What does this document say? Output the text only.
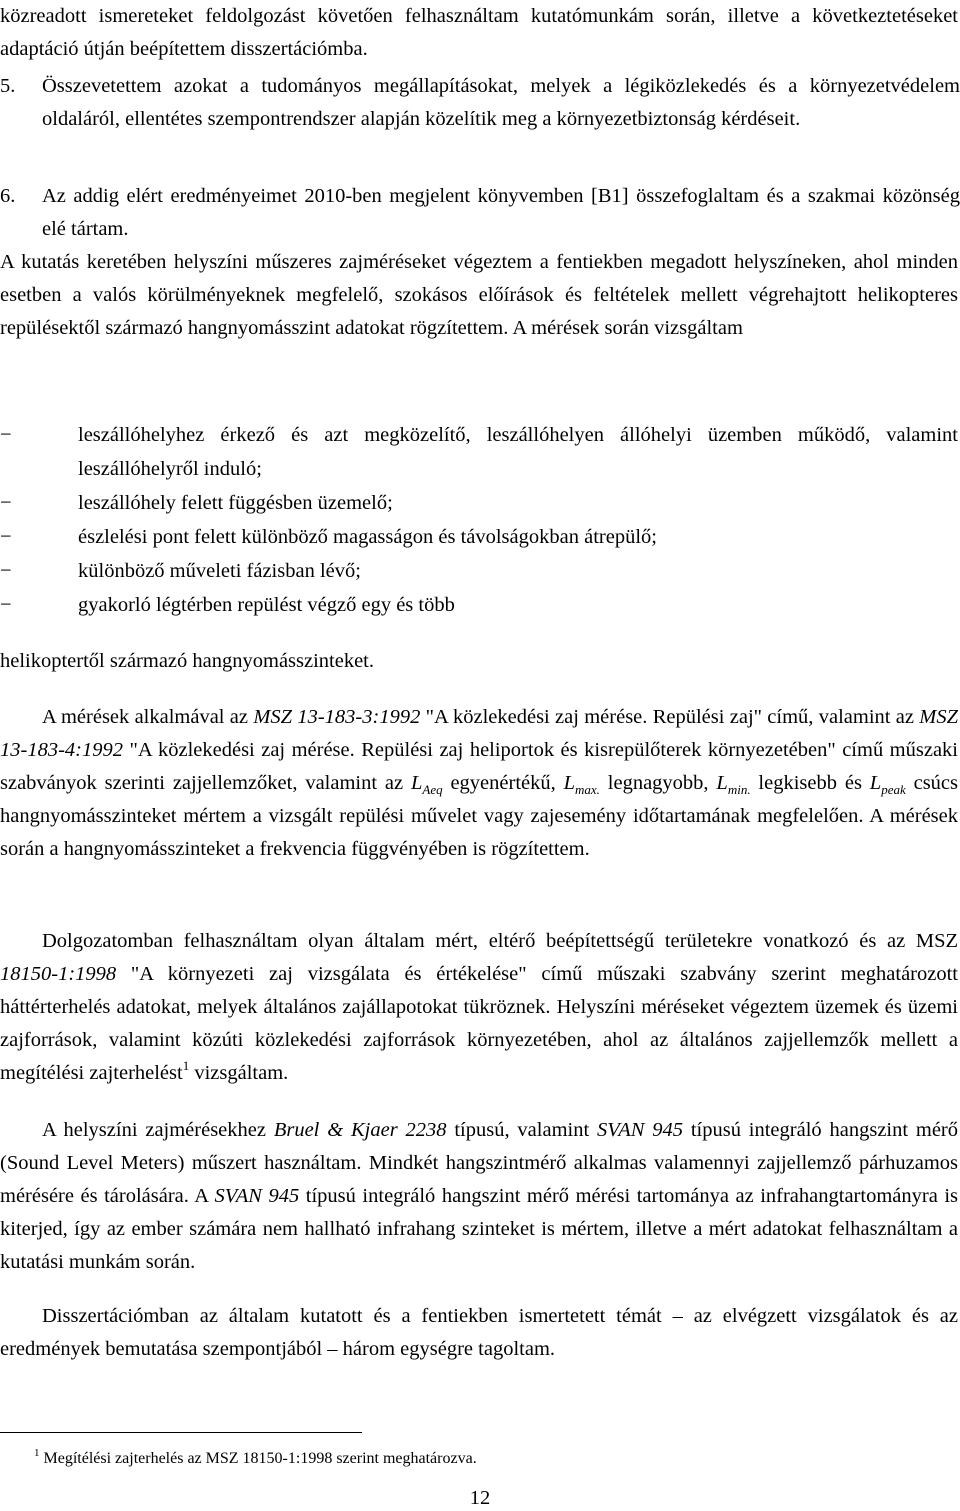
közreadott ismereteket feldolgozást követően felhasználtam kutatómunkám során, illetve a következtetéseket adaptáció útján beépítettem disszertációmba.
5.	Összevetettem azokat a tudományos megállapításokat, melyek a légiközlekedés és a környezetvédelem oldaláról, ellentétes szempontrendszer alapján közelítik meg a környezetbiztonság kérdéseit.
6.	Az addig elért eredményeimet 2010-ben megjelent könyvemben [B1] összefoglaltam és a szakmai közönség elé tártam.
A kutatás keretében helyszíni műszeres zajméréseket végeztem a fentiekben megadott helyszíneken, ahol minden esetben a valós körülményeknek megfelelő, szokásos előírások és feltételek mellett végrehajtott helikopteres repülésektől származó hangnyomásszint adatokat rögzítettem. A mérések során vizsgáltam
−	leszállóhelyhez érkező és azt megközelítő, leszállóhelyen állóhelyi üzemben működő, valamint leszállóhelyről induló;
−	leszállóhely felett függésben üzemelő;
−	észlelési pont felett különböző magasságon és távolságokban átrepülő;
−	különböző műveleti fázisban lévő;
−	gyakorló légtérben repülést végző egy és több
helikoptertől származó hangnyomásszinteket.
A mérések alkalmával az MSZ 13-183-3:1992 "A közlekedési zaj mérése. Repülési zaj" című, valamint az MSZ 13-183-4:1992 "A közlekedési zaj mérése. Repülési zaj heliportok és kisrepülőterek környezetében" című műszaki szabványok szerinti zajjellemzőket, valamint az $L_{Aeq}$ egyenértékű, $L_{max.}$ legnagyobb, $L_{min.}$ legkisebb és $L_{peak}$ csúcs hangnyomásszinteket mértem a vizsgált repülési művelet vagy zajesemény időtartamának megfelelően. A mérések során a hangnyomásszinteket a frekvencia függvényében is rögzítettem.
Dolgozatomban felhasználtam olyan általam mért, eltérő beépítettségű területekre vonatkozó és az MSZ 18150-1:1998 "A környezeti zaj vizsgálata és értékelése" című műszaki szabvány szerint meghatározott háttérterhelés adatokat, melyek általános zajállapotokat tükröznek. Helyszíni méréseket végeztem üzemek és üzemi zajforrások, valamint közúti közlekedési zajforrások környezetében, ahol az általános zajjellemzők mellett a megítélési zajterhelést$^1$ vizsgáltam.
A helyszíni zajmérésekhez Bruel & Kjaer 2238 típusú, valamint SVAN 945 típusú integráló hangszint mérő (Sound Level Meters) műszert használtam. Mindkét hangszintmérő alkalmas valamennyi zajjellemző párhuzamos mérésére és tárolására. A SVAN 945 típusú integráló hangszint mérő mérési tartománya az infrahangtartományra is kiterjed, így az ember számára nem hallható infrahang szinteket is mértem, illetve a mért adatokat felhasználtam a kutatási munkám során.
Disszertációmban az általam kutatott és a fentiekben ismertetett témát – az elvégzett vizsgálatok és az eredmények bemutatása szempontjából – három egységre tagoltam.
$^1$ Megítélési zajterhelés az MSZ 18150-1:1998 szerint meghatározva.
12
